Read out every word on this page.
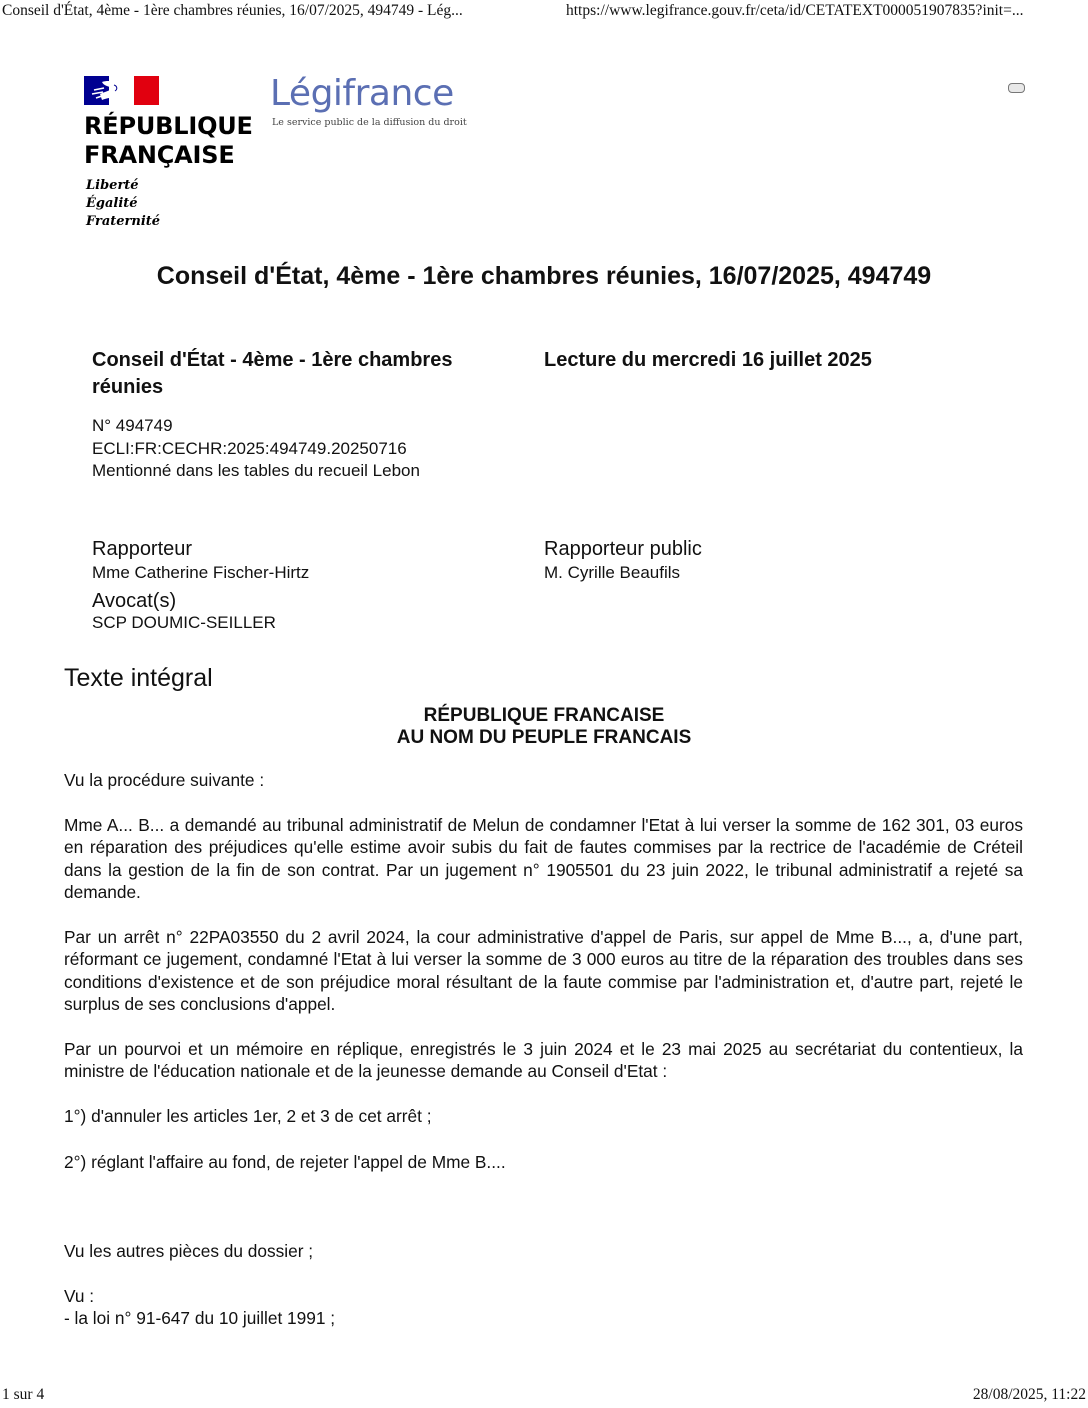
Conseil d'État, 4ème - 1ère chambres réunies, 16/07/2025, 494749 - Lég...	https://www.legifrance.gouv.fr/ceta/id/CETATEXT000051907835?init=...
RÉPUBLIQUE
FRANÇAISE
Liberté
Égalité
Fraternité
Légifrance
Le service public de la diffusion du droit
Conseil d'État, 4ème - 1ère chambres réunies, 16/07/2025, 494749
Conseil d'État - 4ème - 1ère chambres réunies
Lecture du mercredi 16 juillet 2025
N° 494749
ECLI:FR:CECHR:2025:494749.20250716
Mentionné dans les tables du recueil Lebon
Rapporteur
Mme Catherine Fischer-Hirtz
Rapporteur public
M. Cyrille Beaufils
Avocat(s)
SCP DOUMIC-SEILLER
Texte intégral
RÉPUBLIQUE FRANCAISE
AU NOM DU PEUPLE FRANCAIS

Vu la procédure suivante :

Mme A... B... a demandé au tribunal administratif de Melun de condamner l'Etat à lui verser la somme de 162 301, 03 euros en réparation des préjudices qu'elle estime avoir subis du fait de fautes commises par la rectrice de l'académie de Créteil dans la gestion de la fin de son contrat. Par un jugement n° 1905501 du 23 juin 2022, le tribunal administratif a rejeté sa demande.

Par un arrêt n° 22PA03550 du 2 avril 2024, la cour administrative d'appel de Paris, sur appel de Mme B..., a, d'une part, réformant ce jugement, condamné l'Etat à lui verser la somme de 3 000 euros au titre de la réparation des troubles dans ses conditions d'existence et de son préjudice moral résultant de la faute commise par l'administration et, d'autre part, rejeté le surplus de ses conclusions d'appel.

Par un pourvoi et un mémoire en réplique, enregistrés le 3 juin 2024 et le 23 mai 2025 au secrétariat du contentieux, la ministre de l'éducation nationale et de la jeunesse demande au Conseil d'Etat :

1°) d'annuler les articles 1er, 2 et 3 de cet arrêt ;

2°) réglant l'affaire au fond, de rejeter l'appel de Mme B....

Vu les autres pièces du dossier ;

Vu :

- la loi n° 91-647 du 10 juillet 1991 ;

1 sur 4	28/08/2025, 11:22
